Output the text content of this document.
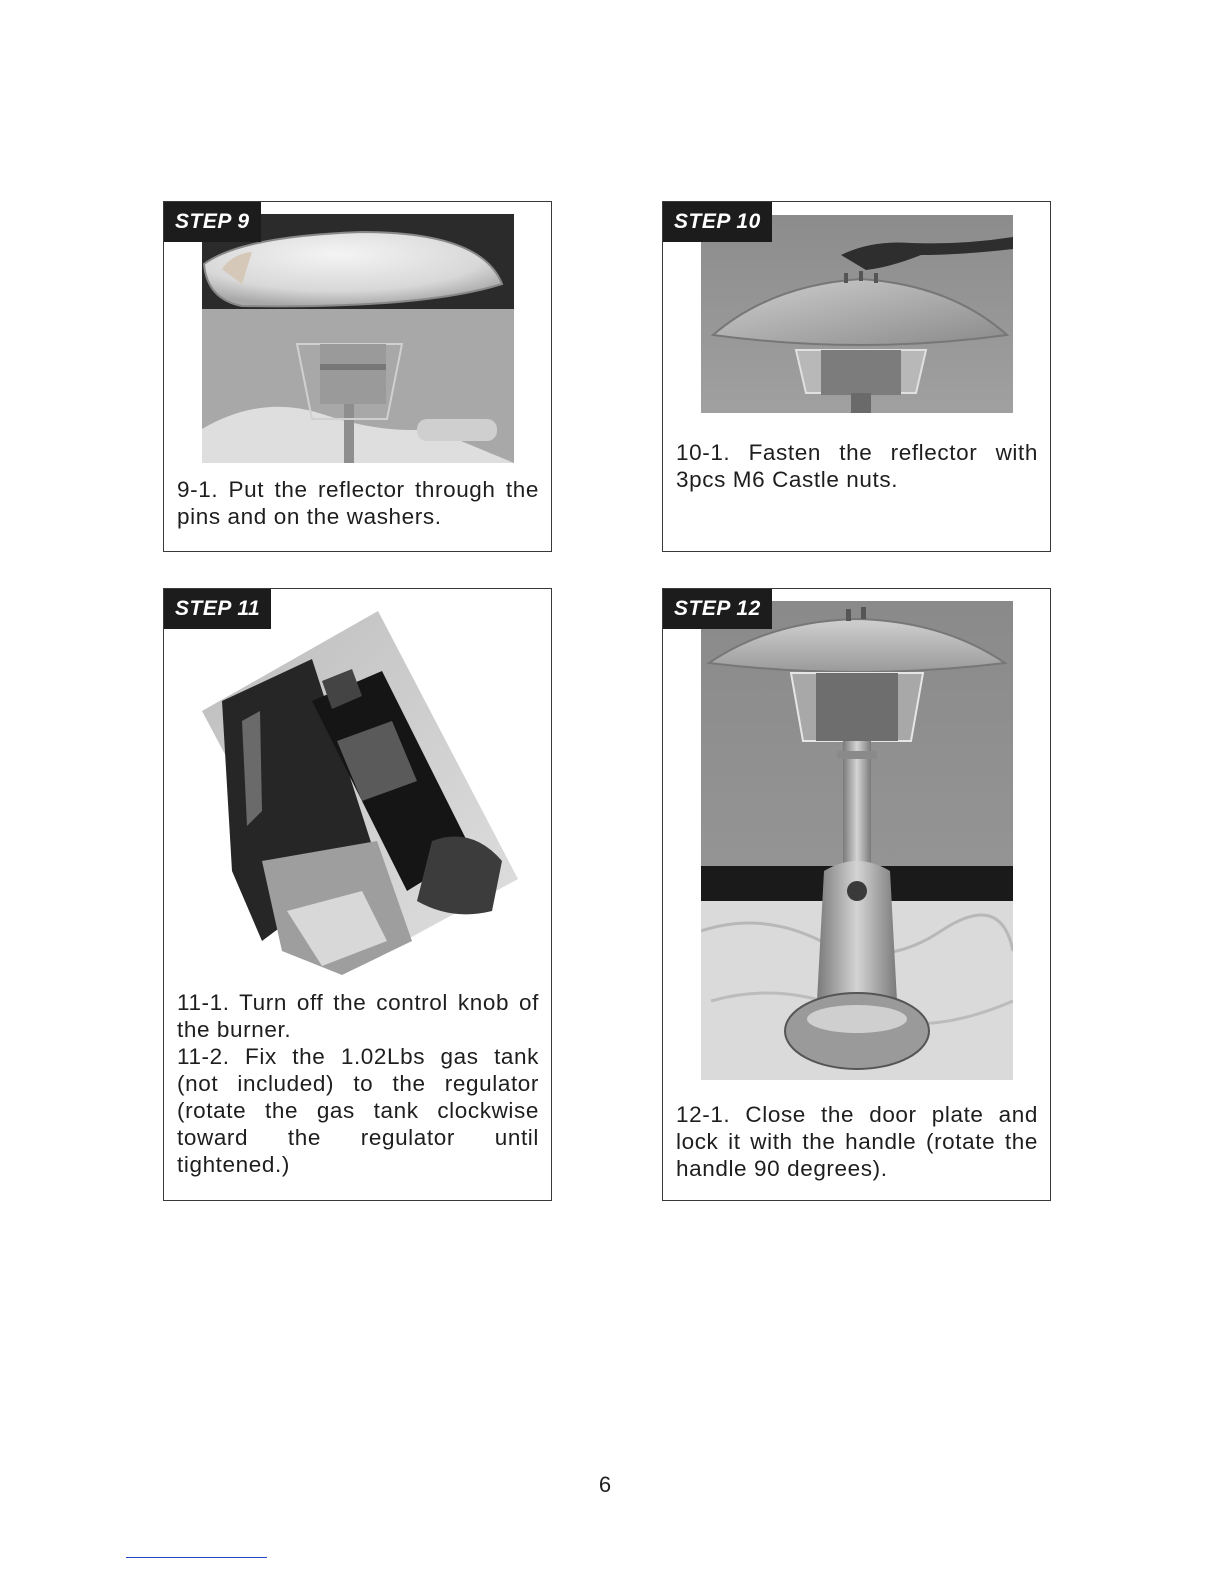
STEP 9

9-1. Put the reflector through the pins and on the washers.

STEP 10

10-1. Fasten the reflector with 3pcs M6 Castle nuts.

STEP 11

11-1. Turn off the control knob of the burner.

11-2. Fix the 1.02Lbs gas tank (not included) to the regulator (rotate the gas tank clockwise toward the regulator until tightened.)

STEP 12

12-1. Close the door plate and lock it with the handle (rotate the handle 90 degrees).

6
